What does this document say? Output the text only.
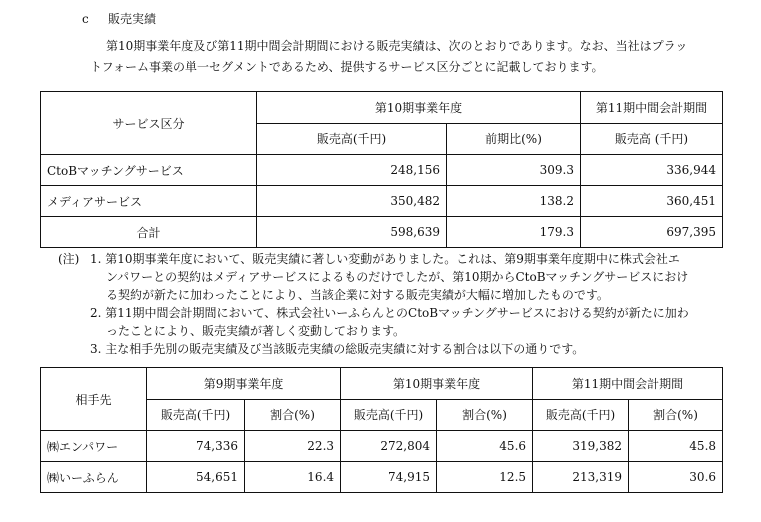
c 販売実績
第10期事業年度及び第11期中間会計期間における販売実績は、次のとおりであります。なお、当社はプラッ
トフォーム事業の単一セグメントであるため、提供するサービス区分ごとに記載しております。
サービス区分	第10期事業年度		第11期中間会計期間
	販売高(千円)	前期比(%)	販売高 (千円)
CtoBマッチングサービス	248,156	309.3	336,944
メディアサービス	350,482	138.2	360,451
合計	598,639	179.3	697,395
(注) 1. 第10期事業年度において、販売実績に著しい変動がありました。これは、第9期事業年度期中に株式会社エ
ンパワーとの契約はメディアサービスによるものだけでしたが、第10期からCtoBマッチングサービスにおけ
る契約が新たに加わったことにより、当該企業に対する販売実績が大幅に増加したものです。
2. 第11期中間会計期間において、株式会社いーふらんとのCtoBマッチングサービスにおける契約が新たに加わ
ったことにより、販売実績が著しく変動しております。
3. 主な相手先別の販売実績及び当該販売実績の総販売実績に対する割合は以下の通りです。
相手先	第9期事業年度		第10期事業年度		第11期中間会計期間	
	販売高(千円)	割合(%)	販売高(千円)	割合(%)	販売高(千円)	割合(%)
㈱エンパワー	74,336	22.3	272,804	45.6	319,382	45.8
㈱いーふらん	54,651	16.4	74,915	12.5	213,319	30.6
